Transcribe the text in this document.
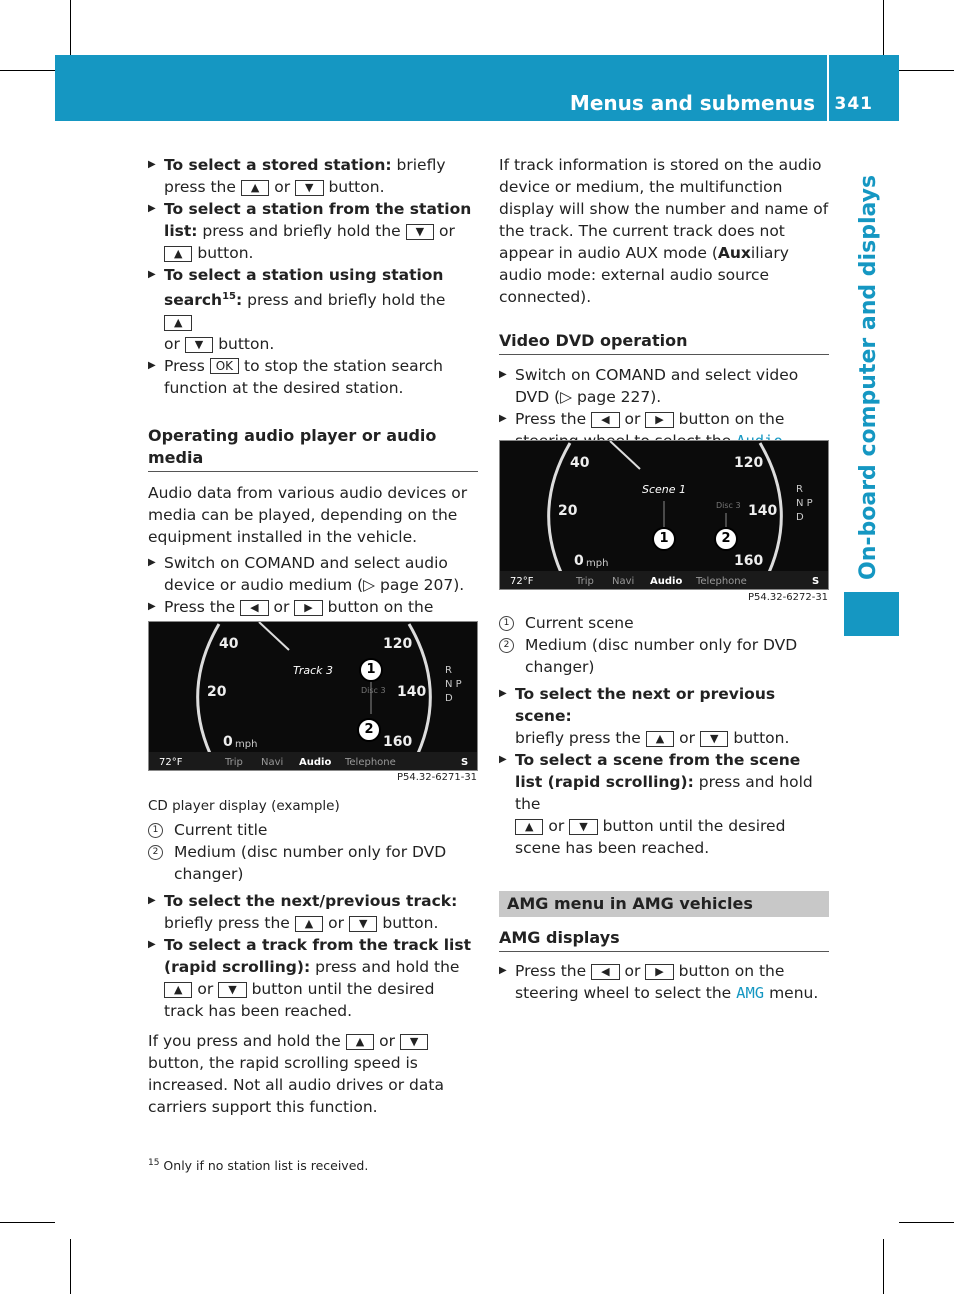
Menus and submenus 341
On-board computer and displays

▶ To select a stored station: briefly press the ▲ or ▼ button.

▶ To select a station from the station list: press and briefly hold the ▼ or
▲ button.

▶ To select a station using station search$^{15}$: press and briefly hold the ▲
or ▼ button.

▶ Press OK to stop the station search function at the desired station.

Operating audio player or audio media

Audio data from various audio devices or media can be played, depending on the equipment installed in the vehicle.

▶ Switch on COMAND and select audio device or audio medium (▷ page 207).

▶ Press the ◀ or ▶ button on the

40
20
0 mph
120
140
160
Track 3
Disc 3
R
N P
D
1
2
72°F	Trip Navi Audio Telephone	S
P54.32-6271-31

CD player display (example)

1 Current title

2 Medium (disc number only for DVD changer)

▶ To select the next/previous track:
briefly press the ▲ or ▼ button.

▶ To select a track from the track list (rapid scrolling): press and hold the
▲ or ▼ button until the desired track has been reached.

If you press and hold the ▲ or ▼ button, the rapid scrolling speed is increased. Not all audio drives or data carriers support this function.

If track information is stored on the audio device or medium, the multifunction display will show the number and name of the track. The current track does not appear in audio AUX mode (Auxiliary audio mode: external audio source connected).

Video DVD operation

▶ Switch on COMAND and select video DVD (▷ page 227).

▶ Press the ◀ or ▶ button on the

40
20
0 mph
120
140
160
Scene 1
Disc 3
R
N P
D
1	2
72°F	Trip Navi Audio Telephone	S
P54.32-6272-31

1 Current scene

2 Medium (disc number only for DVD changer)

▶ To select the next or previous scene:
briefly press the ▲ or ▼ button.

▶ To select a scene from the scene list (rapid scrolling): press and hold the
▲ or ▼ button until the desired scene has been reached.

AMG menu in AMG vehicles
AMG displays

▶ Press the ◀ or ▶ button on the steering wheel to select the AMG menu.

$^{15}$ Only if no station list is received.
